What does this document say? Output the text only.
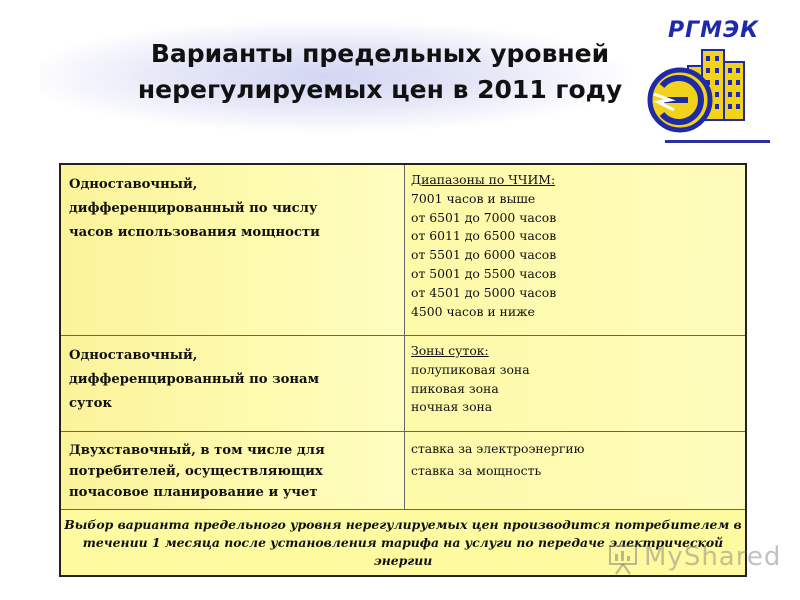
Варианты предельных уровней
нерегулируемых цен в 2011 году
РГМЭК
Одноставочный,
дифференцированный по числу
часов использования мощности
Диапазоны по ЧЧИМ:
7001 часов и выше
от 6501 до 7000 часов
от 6011 до 6500 часов
от 5501 до 6000 часов
от 5001 до 5500 часов
от 4501 до 5000 часов
4500 часов и ниже
Одноставочный,
дифференцированный по зонам
суток
Зоны суток:
полупиковая зона
пиковая зона
ночная зона
Двухставочный, в том числе для
потребителей, осуществляющих
почасовое планирование и учет
ставка за электроэнергию
ставка за мощность
Выбор варианта предельного уровня нерегулируемых цен производится потребителем в
течении 1 месяца после установления тарифа на услуги по передаче электрической энергии	MyShared
